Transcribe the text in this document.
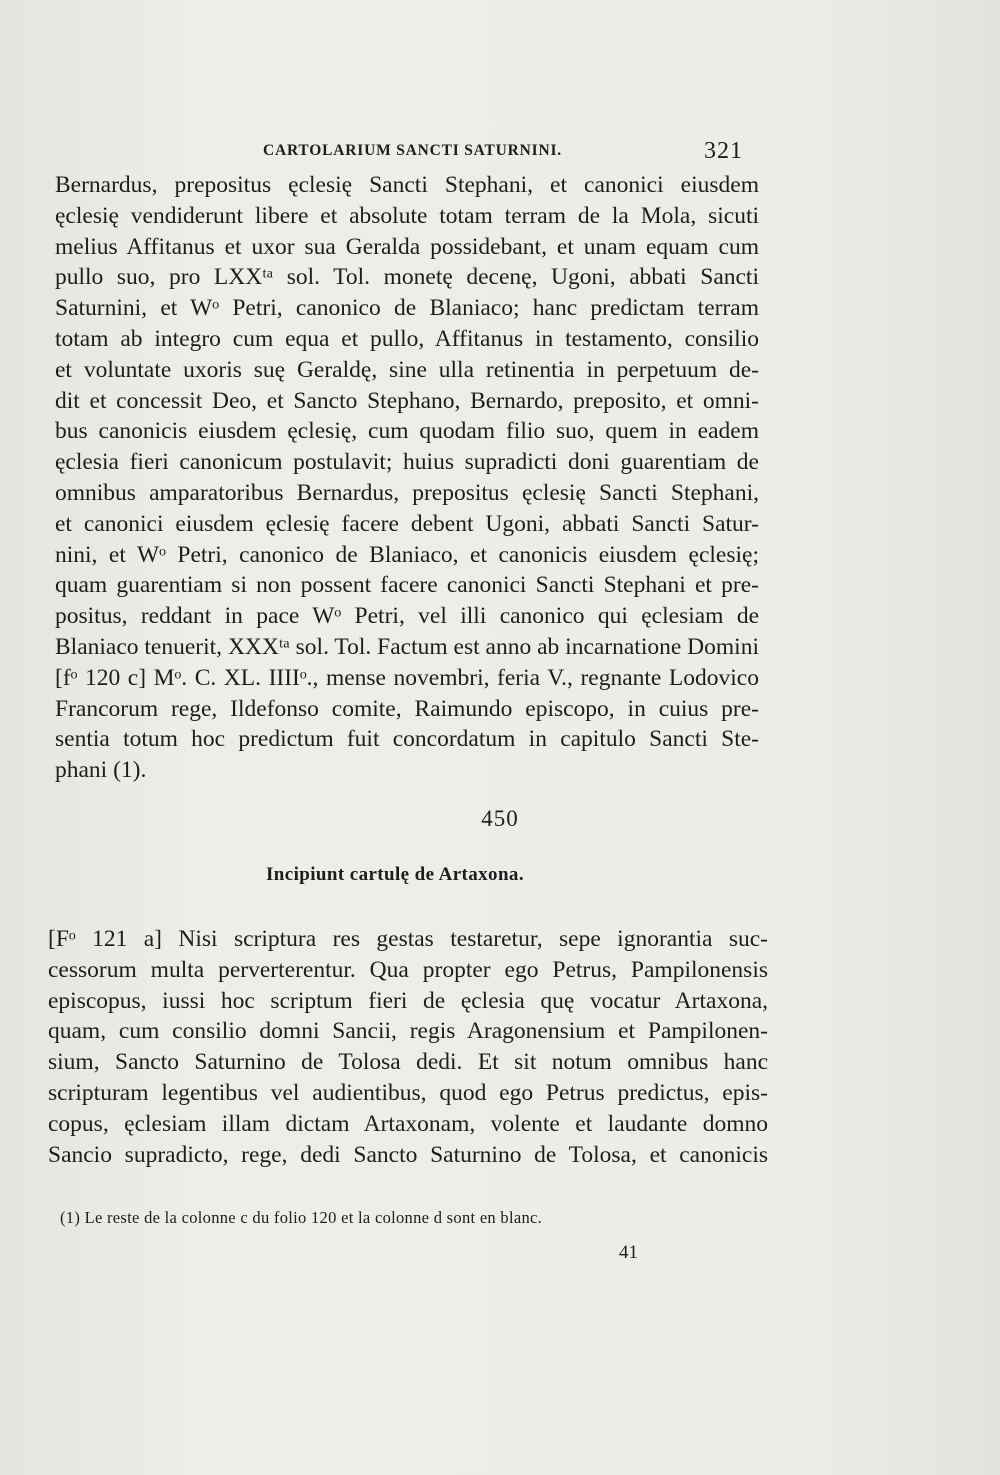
CARTOLARIUM SANCTI SATURNINI.	321
Bernardus, prepositus ęclesię Sancti Stephani, et canonici eiusdem
ęclesię vendiderunt libere et absolute totam terram de la Mola, sicuti
melius Affitanus et uxor sua Geralda possidebant, et unam equam cum
pullo suo, pro LXXᵗᵃ sol. Tol. monetę decenę, Ugoni, abbati Sancti
Saturnini, et Wᵒ Petri, canonico de Blaniaco; hanc predictam terram
totam ab integro cum equa et pullo, Affitanus in testamento, consilio
et voluntate uxoris suę Geraldę, sine ulla retinentia in perpetuum de-
dit et concessit Deo, et Sancto Stephano, Bernardo, preposito, et omni-
bus canonicis eiusdem ęclesię, cum quodam filio suo, quem in eadem
ęclesia fieri canonicum postulavit; huius supradicti doni guarentiam de
omnibus amparatoribus Bernardus, prepositus ęclesię Sancti Stephani,
et canonici eiusdem ęclesię facere debent Ugoni, abbati Sancti Satur-
nini, et Wᵒ Petri, canonico de Blaniaco, et canonicis eiusdem ęclesię;
quam guarentiam si non possent facere canonici Sancti Stephani et pre-
positus, reddant in pace Wᵒ Petri, vel illi canonico qui ęclesiam de
Blaniaco tenuerit, XXXᵗᵃ sol. Tol. Factum est anno ab incarnatione Domini
[fᵒ 120 c] Mᵒ. C. XL. IIIIᵒ., mense novembri, feria V., regnante Lodovico
Francorum rege, Ildefonso comite, Raimundo episcopo, in cuius pre-
sentia totum hoc predictum fuit concordatum in capitulo Sancti Ste-
phani (1).
450
Incipiunt cartulę de Artaxona.
[Fᵒ 121 a] Nisi scriptura res gestas testaretur, sepe ignorantia suc-
cessorum multa perverterentur. Qua propter ego Petrus, Pampilonensis
episcopus, iussi hoc scriptum fieri de ęclesia quę vocatur Artaxona,
quam, cum consilio domni Sancii, regis Aragonensium et Pampilonen-
sium, Sancto Saturnino de Tolosa dedi. Et sit notum omnibus hanc
scripturam legentibus vel audientibus, quod ego Petrus predictus, epis-
copus, ęclesiam illam dictam Artaxonam, volente et laudante domno
Sancio supradicto, rege, dedi Sancto Saturnino de Tolosa, et canonicis
(1) Le reste de la colonne c du folio 120 et la colonne d sont en blanc.
41
